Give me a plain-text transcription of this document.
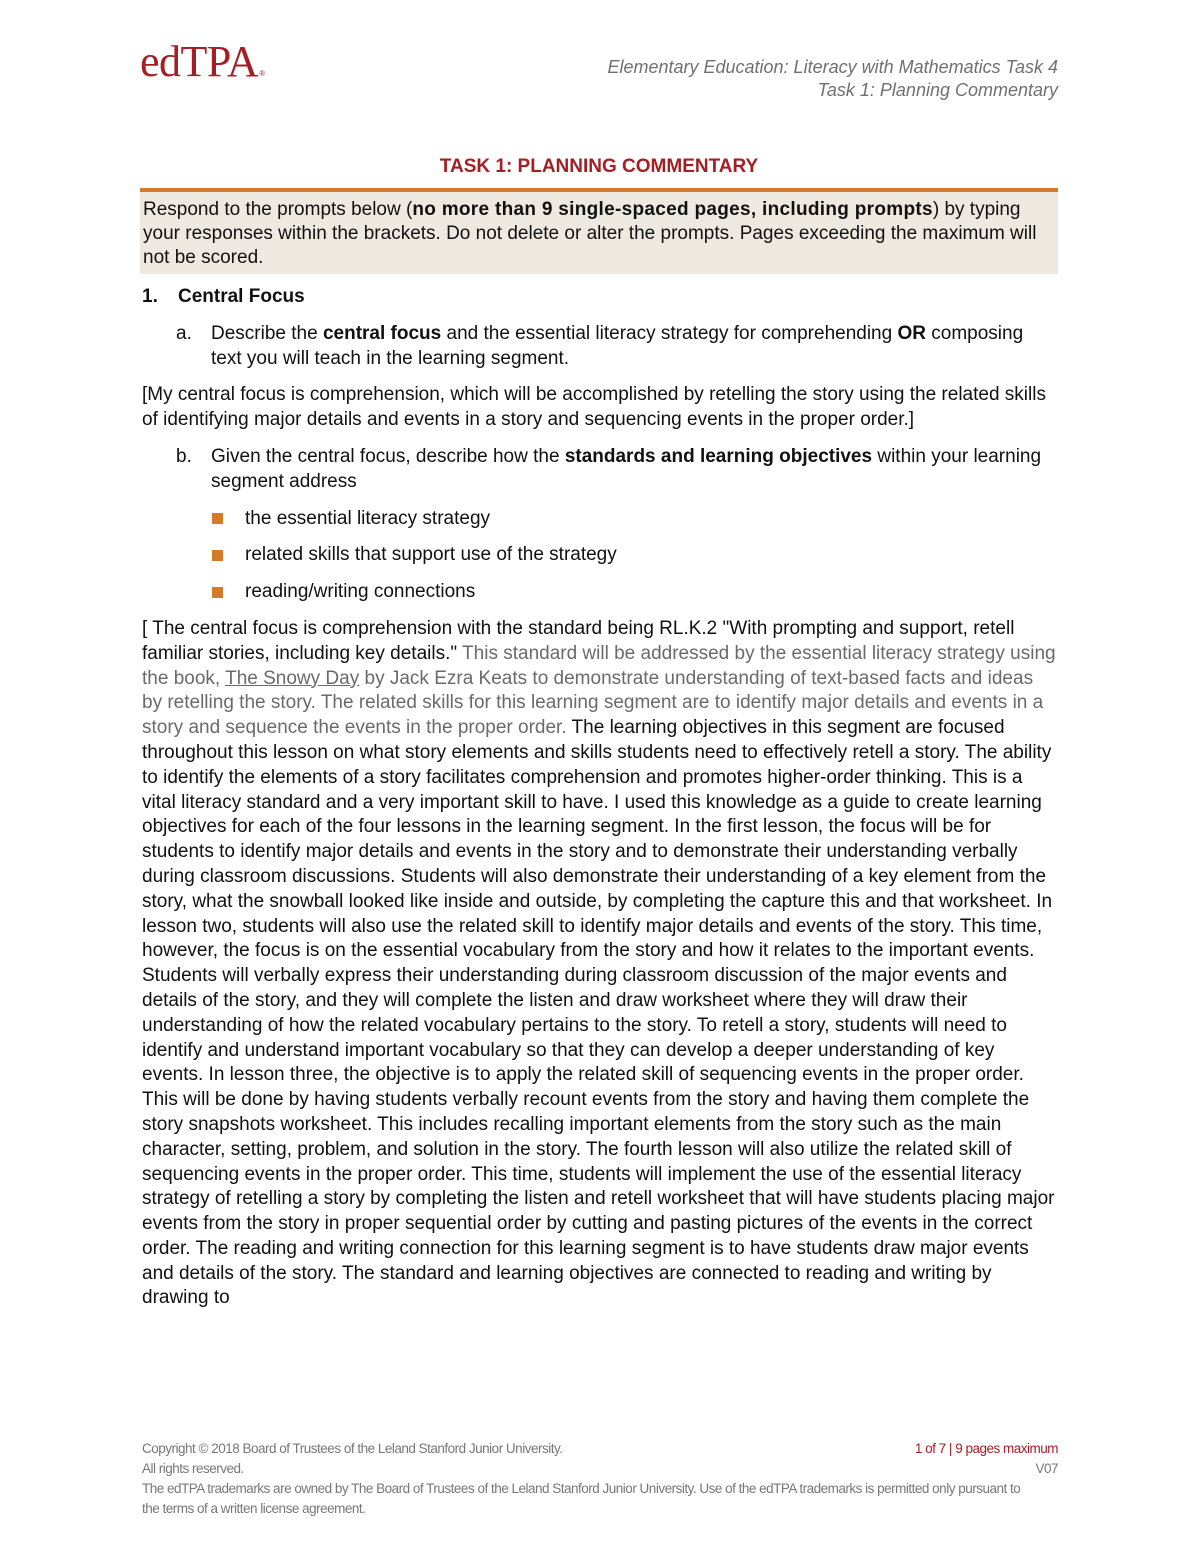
edTPA®	Elementary Education: Literacy with Mathematics Task 4
Task 1: Planning Commentary
TASK 1: PLANNING COMMENTARY
Respond to the prompts below (no more than 9 single-spaced pages, including prompts) by typing your responses within the brackets. Do not delete or alter the prompts. Pages exceeding the maximum will not be scored.
1. Central Focus
a.	Describe the central focus and the essential literacy strategy for comprehending OR composing text you will teach in the learning segment.
[My central focus is comprehension, which will be accomplished by retelling the story using the related skills of identifying major details and events in a story and sequencing events in the proper order.]
b.	Given the central focus, describe how the standards and learning objectives within your learning segment address
the essential literacy strategy
related skills that support use of the strategy
reading/writing connections
[ The central focus is comprehension with the standard being RL.K.2 "With prompting and support, retell familiar stories, including key details." This standard will be addressed by the essential literacy strategy using the book, The Snowy Day by Jack Ezra Keats to demonstrate understanding of text-based facts and ideas by retelling the story. The related skills for this learning segment are to identify major details and events in a story and sequence the events in the proper order. The learning objectives in this segment are focused throughout this lesson on what story elements and skills students need to effectively retell a story. The ability to identify the elements of a story facilitates comprehension and promotes higher-order thinking. This is a vital literacy standard and a very important skill to have. I used this knowledge as a guide to create learning objectives for each of the four lessons in the learning segment. In the first lesson, the focus will be for students to identify major details and events in the story and to demonstrate their understanding verbally during classroom discussions. Students will also demonstrate their understanding of a key element from the story, what the snowball looked like inside and outside, by completing the capture this and that worksheet. In lesson two, students will also use the related skill to identify major details and events of the story. This time, however, the focus is on the essential vocabulary from the story and how it relates to the important events. Students will verbally express their understanding during classroom discussion of the major events and details of the story, and they will complete the listen and draw worksheet where they will draw their understanding of how the related vocabulary pertains to the story. To retell a story, students will need to identify and understand important vocabulary so that they can develop a deeper understanding of key events. In lesson three, the objective is to apply the related skill of sequencing events in the proper order. This will be done by having students verbally recount events from the story and having them complete the story snapshots worksheet. This includes recalling important elements from the story such as the main character, setting, problem, and solution in the story. The fourth lesson will also utilize the related skill of sequencing events in the proper order. This time, students will implement the use of the essential literacy strategy of retelling a story by completing the listen and retell worksheet that will have students placing major events from the story in proper sequential order by cutting and pasting pictures of the events in the correct order. The reading and writing connection for this learning segment is to have students draw major events and details of the story. The standard and learning objectives are connected to reading and writing by drawing to
Copyright © 2018 Board of Trustees of the Leland Stanford Junior University.
All rights reserved.
The edTPA trademarks are owned by The Board of Trustees of the Leland Stanford Junior University. Use of the edTPA trademarks is permitted only pursuant to the terms of a written license agreement.
1 of 7 | 9 pages maximum
V07
